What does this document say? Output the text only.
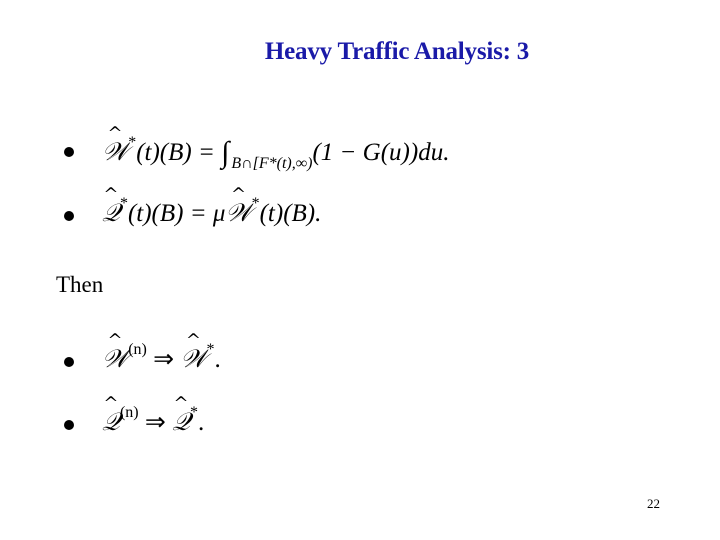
Heavy Traffic Analysis: 3
^ 𝒲*(t)(B) = ∫ $_{B\cap[F*(t),\infty)}$(1 − G(u))du.
^ 𝒬*(t)(B) = μ^ 𝒲*(t)(B).
Then
^ 𝒲$^{(n)}$ ⇒ ^ 𝒲*.
^ 𝒬$^{(n)}$ ⇒ ^ 𝒬*.
22
